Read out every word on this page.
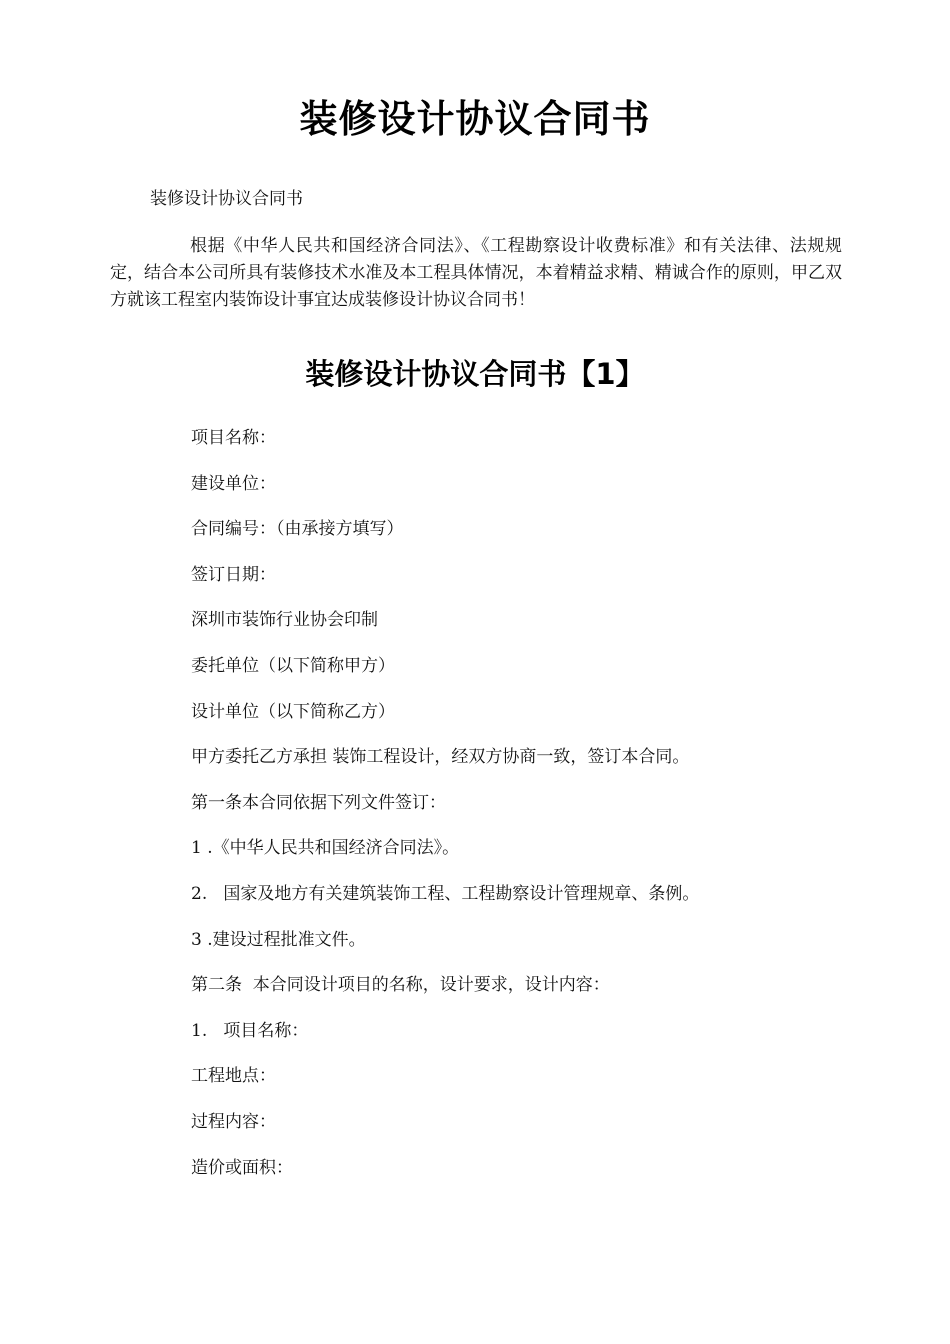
装修设计协议合同书

装修设计协议合同书

根据《中华人民共和国经济合同法》、《工程勘察设计收费标准》和有关法律、法规规定，结合本公司所具有装修技术水准及本工程具体情况，本着精益求精、精诚合作的原则，甲乙双方就该工程室内装饰设计事宜达成装修设计协议合同书！

装修设计协议合同书【1】
项目名称：
建设单位：
合同编号：（由承接方填写）
签订日期：
深圳市装饰行业协会印制
委托单位（以下简称甲方）
设计单位（以下简称乙方）
甲方委托乙方承担 装饰工程设计，经双方协商一致，签订本合同。
第一条本合同依据下列文件签订：
1 .《中华人民共和国经济合同法》。
2.   国家及地方有关建筑装饰工程、工程勘察设计管理规章、条例。
3 .建设过程批准文件。
第二条  本合同设计项目的名称，设计要求，设计内容：
1.   项目名称：
工程地点：
过程内容：
造价或面积：
